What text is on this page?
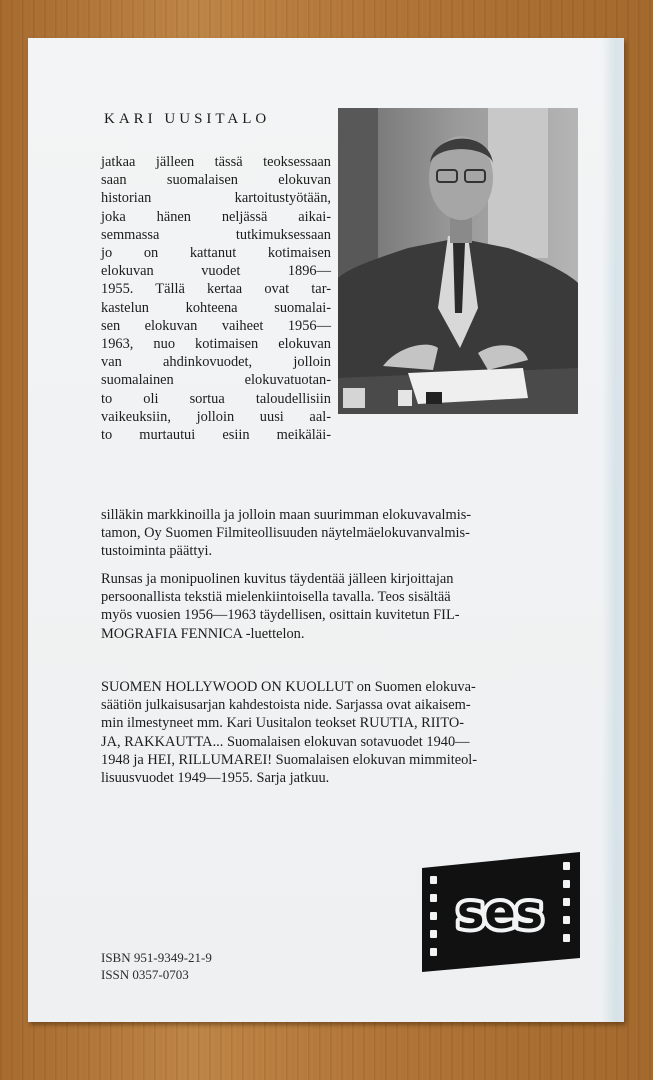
KARI UUSITALO
jatkaa jälleen tässä teoksessaan
saan suomalaisen elokuvan
historian kartoitustyötään,
joka hänen neljässä aikai-
semmassa tutkimuksessaan
jo on kattanut kotimaisen
elokuvan vuodet 1896—
1955. Tällä kertaa ovat tar-
kastelun kohteena suomalai-
sen elokuvan vaiheet 1956—
1963, nuo kotimaisen elokuvan
van ahdinkovuodet, jolloin
suomalainen elokuvatuotan-
to oli sortua taloudellisiin
vaikeuksiin, jolloin uusi aal-
to murtautui esiin meikäläi-
silläkin markkinoilla ja jolloin maan suurimman elokuvavalmis-
tamon, Oy Suomen Filmiteollisuuden näytelmäelokuvanvalmis-
tustoiminta päättyi.
Runsas ja monipuolinen kuvitus täydentää jälleen kirjoittajan
persoonallista tekstiä mielenkiintoisella tavalla. Teos sisältää
myös vuosien 1956—1963 täydellisen, osittain kuvitetun FIL-
MOGRAFIA FENNICA -luettelon.
SUOMEN HOLLYWOOD ON KUOLLUT on Suomen elokuva-
säätiön julkaisusarjan kahdestoista nide. Sarjassa ovat aikaisem-
min ilmestyneet mm. Kari Uusitalon teokset RUUTIA, RIITO-
JA, RAKKAUTTA... Suomalaisen elokuvan sotavuodet 1940—
1948 ja HEI, RILLUMAREI! Suomalaisen elokuvan mimmiteol-
lisuusvuodet 1949—1955. Sarja jatkuu.
ISBN 951-9349-21-9
ISSN 0357-0703
ses
